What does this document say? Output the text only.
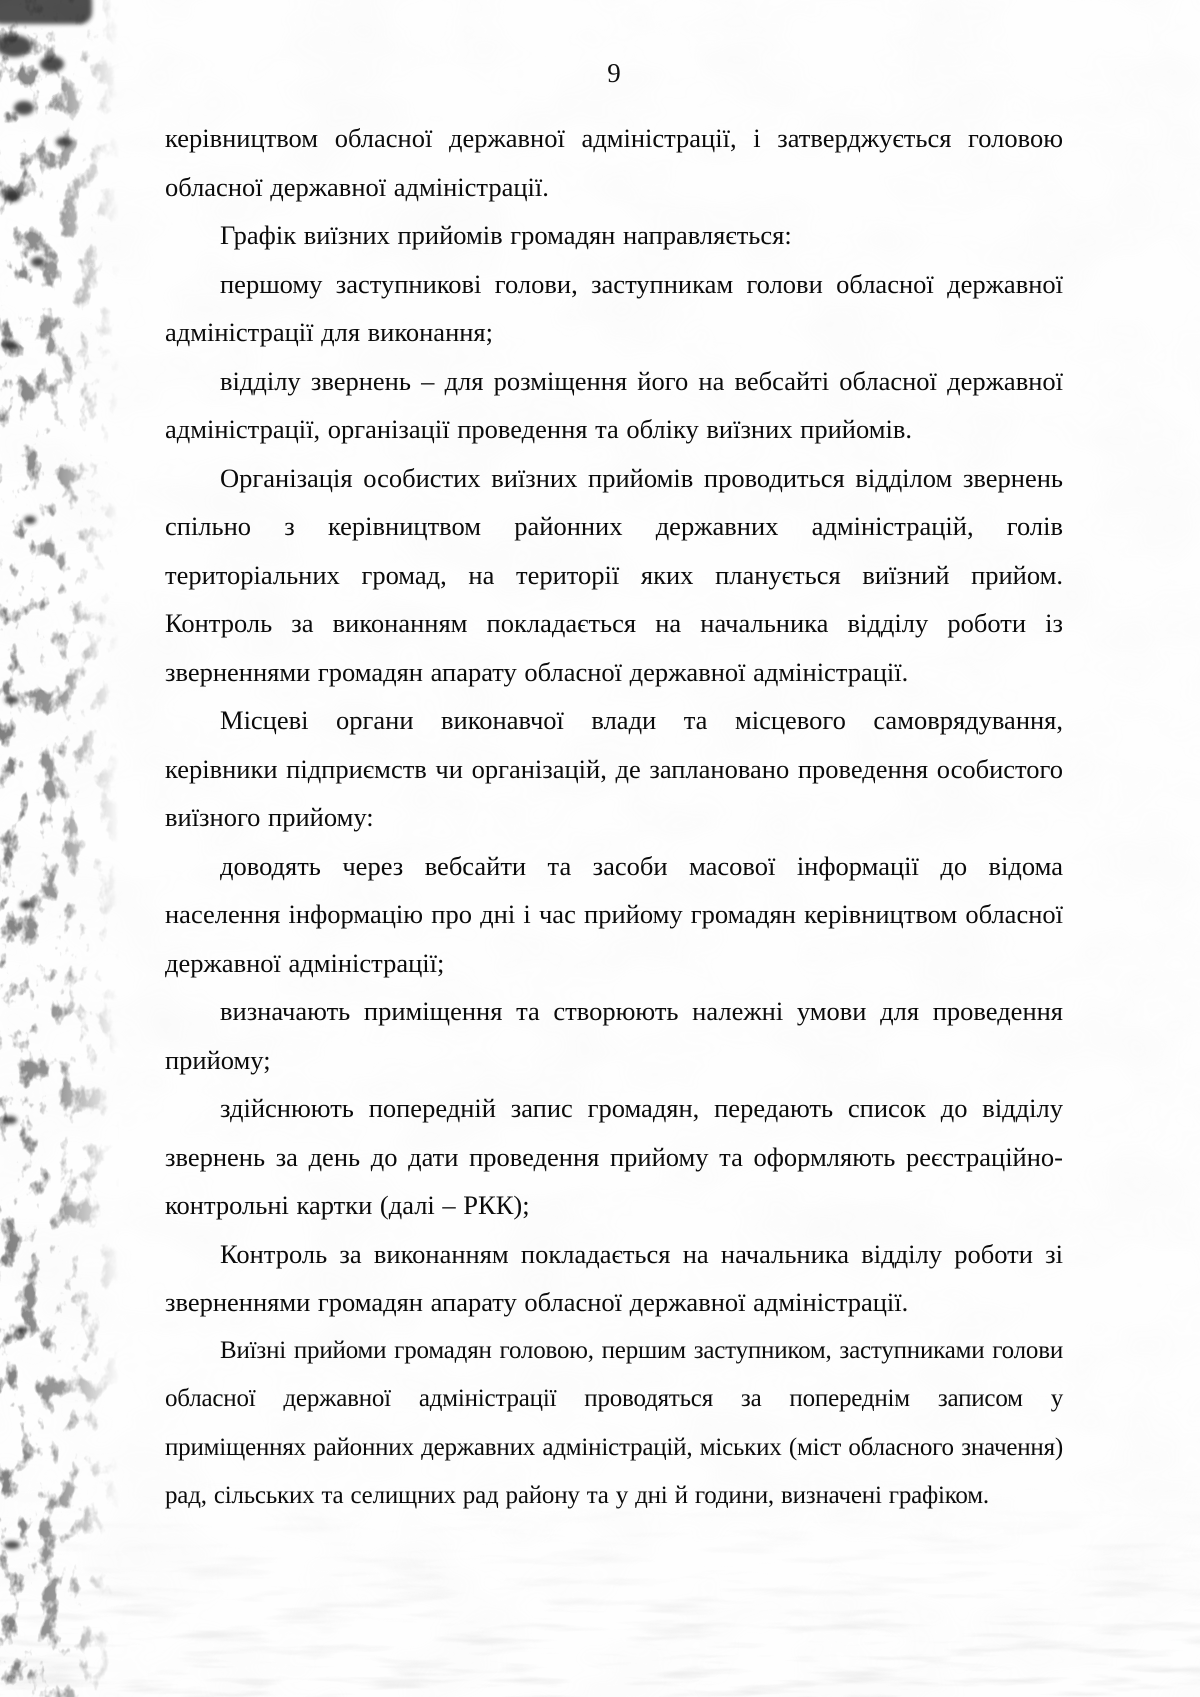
9

керівництвом обласної державної адміністрації, і затверджується головою обласної державної адміністрації.

Графік виїзних прийомів громадян направляється:

першому заступникові голови, заступникам голови обласної державної адміністрації для виконання;

відділу звернень – для розміщення його на вебсайті обласної державної адміністрації, організації проведення та обліку виїзних прийомів.

Організація особистих виїзних прийомів проводиться відділом звернень спільно з керівництвом районних державних адміністрацій, голів територіальних громад, на території яких планується виїзний прийом. Контроль за виконанням покладається на начальника відділу роботи із зверненнями громадян апарату обласної державної адміністрації.

Місцеві органи виконавчої влади та місцевого самоврядування, керівники підприємств чи організацій, де заплановано проведення особистого виїзного прийому:

доводять через вебсайти та засоби масової інформації до відома населення інформацію про дні і час прийому громадян керівництвом обласної державної адміністрації;

визначають приміщення та створюють належні умови для проведення прийому;

здійснюють попередній запис громадян, передають список до відділу звернень за день до дати проведення прийому та оформляють реєстраційно-контрольні картки (далі – РКК);

Контроль за виконанням покладається на начальника відділу роботи зі зверненнями громадян апарату обласної державної адміністрації.

Виїзні прийоми громадян головою, першим заступником, заступниками голови обласної державної адміністрації проводяться за попереднім записом у приміщеннях районних державних адміністрацій, міських (міст обласного значення) рад, сільських та селищних рад району та у дні й години, визначені графіком.
